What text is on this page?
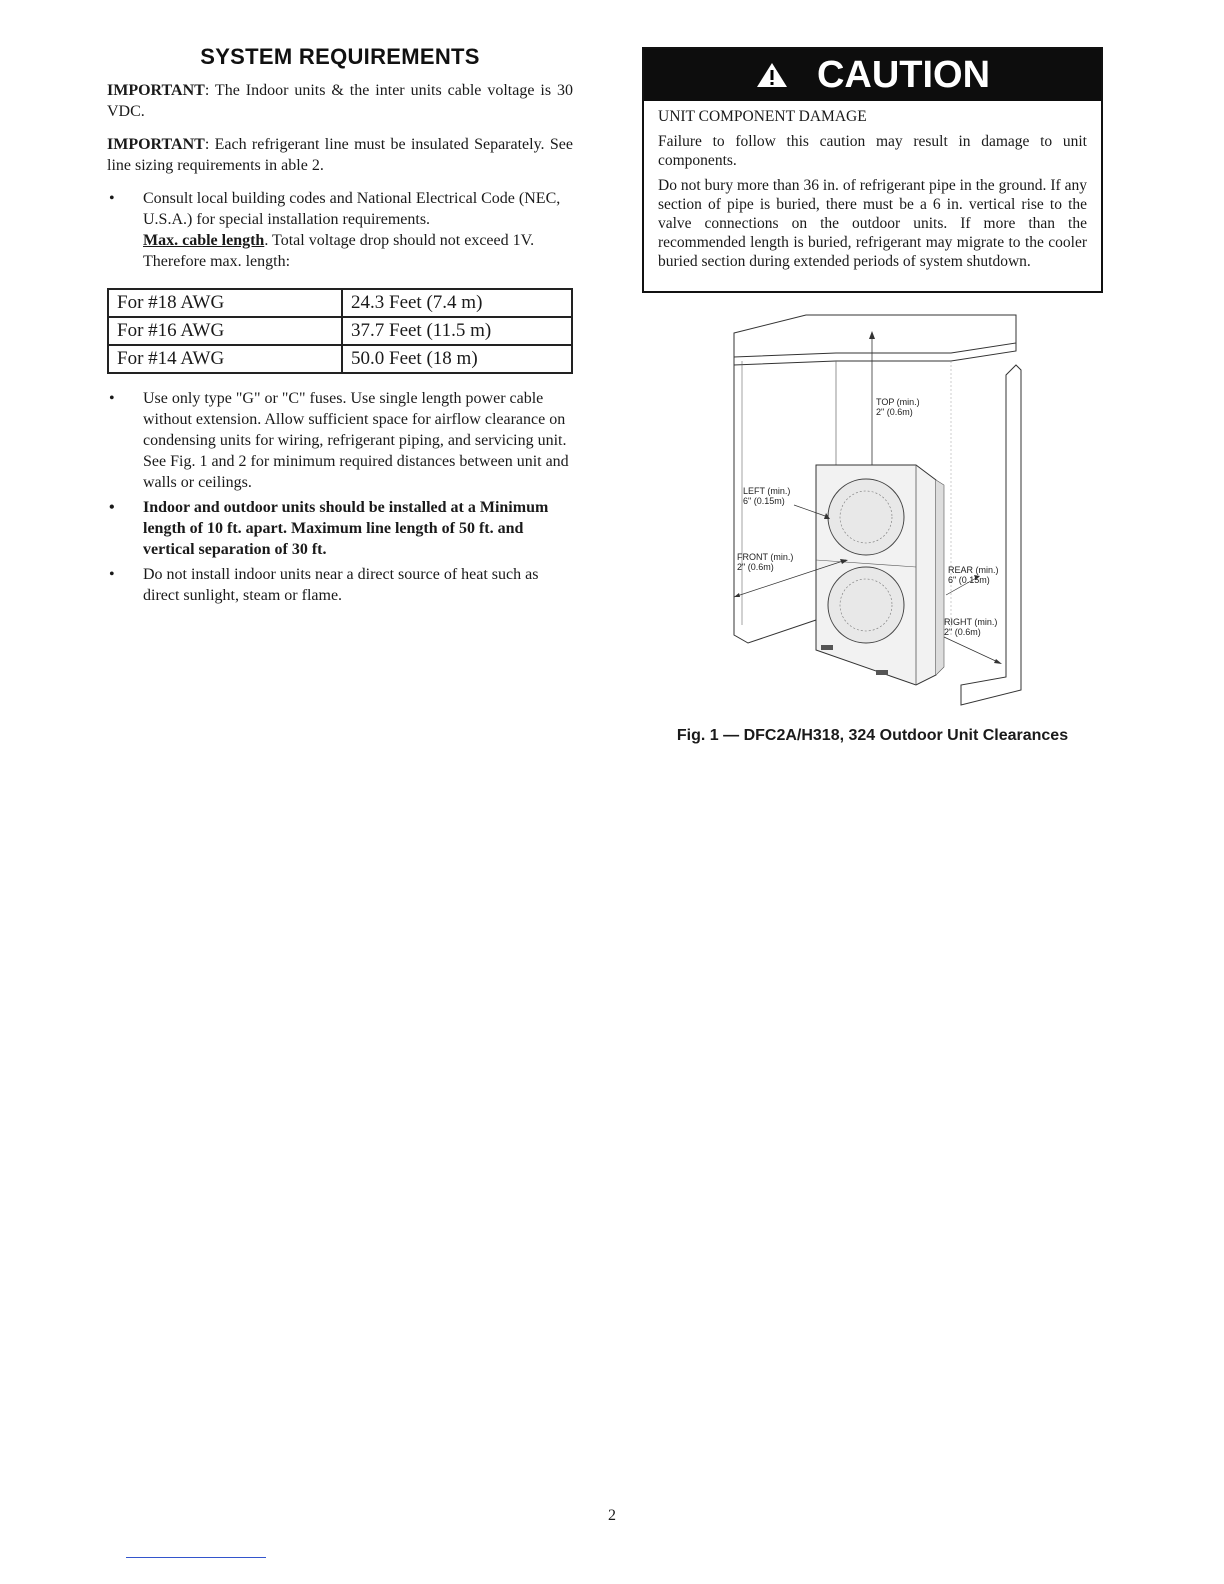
SYSTEM REQUIREMENTS

IMPORTANT: The Indoor units & the inter units cable voltage is 30 VDC.

IMPORTANT: Each refrigerant line must be insulated Separately. See line sizing requirements in able 2.

• Consult local building codes and National Electrical Code (NEC, U.S.A.) for special installation requirements.
Max. cable length. Total voltage drop should not exceed 1V. Therefore max. length:
For #18 AWG	24.3 Feet (7.4 m)
For #16 AWG	37.7 Feet (11.5 m)
For #14 AWG	50.0 Feet (18 m)
• Use only type "G" or "C" fuses. Use single length power cable without extension. Allow sufficient space for airflow clearance on condensing units for wiring, refrigerant piping, and servicing unit. See Fig. 1 and 2 for minimum required distances between unit and walls or ceilings.
• Indoor and outdoor units should be installed at a Minimum length of 10 ft. apart. Maximum line length of 50 ft. and vertical separation of 30 ft.
• Do not install indoor units near a direct source of heat such as direct sunlight, steam or flame.
CAUTION

UNIT COMPONENT DAMAGE

Failure to follow this caution may result in damage to unit components.

Do not bury more than 36 in. of refrigerant pipe in the ground. If any section of pipe is buried, there must be a 6 in. vertical rise to the valve connections on the outdoor units. If more than the recommended length is buried, refrigerant may migrate to the cooler buried section during extended periods of system shutdown.

TOP (min.)
2" (0.6m)
LEFT (min.)
6" (0.15m)
FRONT (min.)
2" (0.6m)	REAR (min.)
6" (0.15m)
RIGHT (min.)
2" (0.6m)
Fig. 1 — DFC2A/H318, 324 Outdoor Unit Clearances
2
